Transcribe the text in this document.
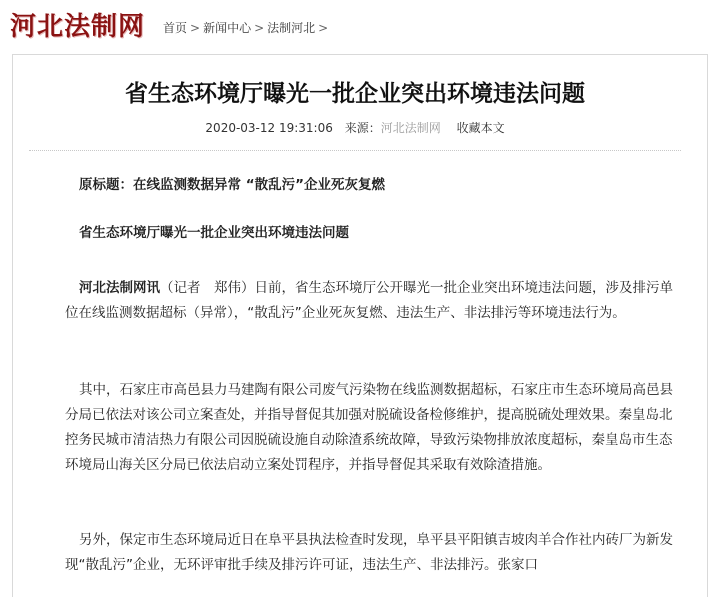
河北法制网 首页 > 新闻中心 > 法制河北 >
省生态环境厅曝光一批企业突出环境违法问题
2020-03-12 19:31:06 来源：河北法制网 收藏本文

原标题：在线监测数据异常 “散乱污”企业死灰复燃

省生态环境厅曝光一批企业突出环境违法问题

河北法制网讯（记者　郑伟）日前，省生态环境厅公开曝光一批企业突出环境违法问题，涉及排污单位在线监测数据超标（异常），“散乱污”企业死灰复燃、违法生产、非法排污等环境违法行为。

其中，石家庄市高邑县力马建陶有限公司废气污染物在线监测数据超标，石家庄市生态环境局高邑县分局已依法对该公司立案查处，并指导督促其加强对脱硫设备检修维护，提高脱硫处理效果。秦皇岛北控务民城市清洁热力有限公司因脱硫设施自动除渣系统故障，导致污染物排放浓度超标，秦皇岛市生态环境局山海关区分局已依法启动立案处罚程序，并指导督促其采取有效除渣措施。

另外，保定市生态环境局近日在阜平县执法检查时发现，阜平县平阳镇吉坡肉羊合作社内砖厂为新发现“散乱污”企业，无环评审批手续及排污许可证，违法生产、非法排污。张家口
